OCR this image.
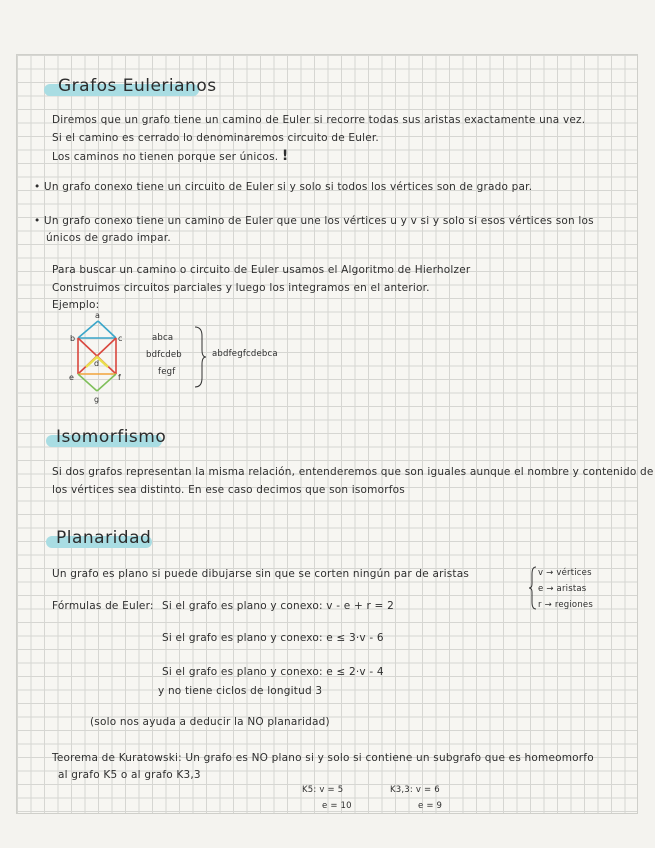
Grafos Eulerianos
Diremos que un grafo tiene un camino de Euler si recorre todas sus aristas exactamente una vez.
Si el camino es cerrado lo denominaremos circuito de Euler.
Los caminos no tienen porque ser únicos. !
• Un grafo conexo tiene un circuito de Euler si y solo si todos los vértices son de grado par.
• Un grafo conexo tiene un camino de Euler que une los vértices u y v si y solo si esos vértices son los
únicos de grado impar.
Para buscar un camino o circuito de Euler usamos el Algoritmo de Hierholzer
Construimos circuitos parciales y luego los integramos en el anterior.
Ejemplo:
a
b	c
d
e	f
g
abca
bdfcdeb
fegf
abdfegfcdebca
Isomorfismo
Si dos grafos representan la misma relación, entenderemos que son iguales aunque el nombre y contenido de
los vértices sea distinto. En ese caso decimos que son isomorfos
Planaridad
Un grafo es plano si puede dibujarse sin que se corten ningún par de aristas	v → vértices
e → aristas
r → regiones
Fórmulas de Euler: Si el grafo es plano y conexo: v - e + r = 2
Si el grafo es plano y conexo: e ≤ 3·v - 6
Si el grafo es plano y conexo: e ≤ 2·v - 4
y no tiene ciclos de longitud 3
(solo nos ayuda a deducir la NO planaridad)
Teorema de Kuratowski: Un grafo es NO plano si y solo si contiene un subgrafo que es homeomorfo
al grafo K5 o al grafo K3,3
K5: v = 5
e = 10
K3,3: v = 6
e = 9
